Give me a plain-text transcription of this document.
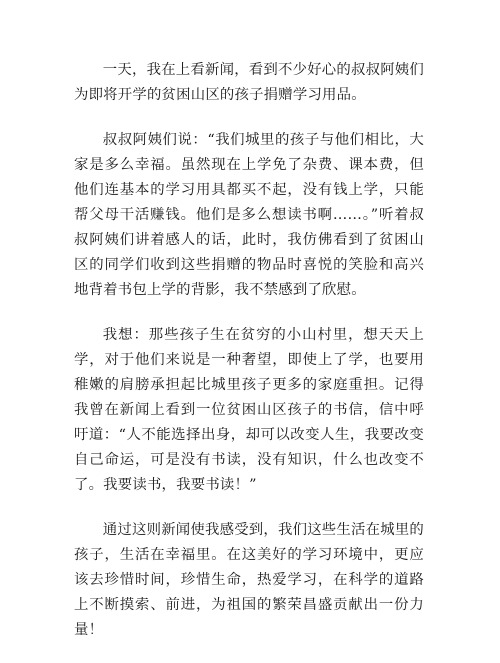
一天，我在上看新闻，看到不少好心的叔叔阿姨们为即将开学的贫困山区的孩子捐赠学习用品。

叔叔阿姨们说：“我们城里的孩子与他们相比，大家是多么幸福。虽然现在上学免了杂费、课本费，但他们连基本的学习用具都买不起，没有钱上学，只能帮父母干活赚钱。他们是多么想读书啊……。”听着叔叔阿姨们讲着感人的话，此时，我仿佛看到了贫困山区的同学们收到这些捐赠的物品时喜悦的笑脸和高兴地背着书包上学的背影，我不禁感到了欣慰。

我想：那些孩子生在贫穷的小山村里，想天天上学，对于他们来说是一种奢望，即使上了学，也要用稚嫩的肩膀承担起比城里孩子更多的家庭重担。记得我曾在新闻上看到一位贫困山区孩子的书信，信中呼吁道：“人不能选择出身，却可以改变人生，我要改变自己命运，可是没有书读，没有知识，什么也改变不了。我要读书，我要书读！”

通过这则新闻使我感受到，我们这些生活在城里的孩子，生活在幸福里。在这美好的学习环境中，更应该去珍惜时间，珍惜生命，热爱学习，在科学的道路上不断摸索、前进，为祖国的繁荣昌盛贡献出一份力量！
